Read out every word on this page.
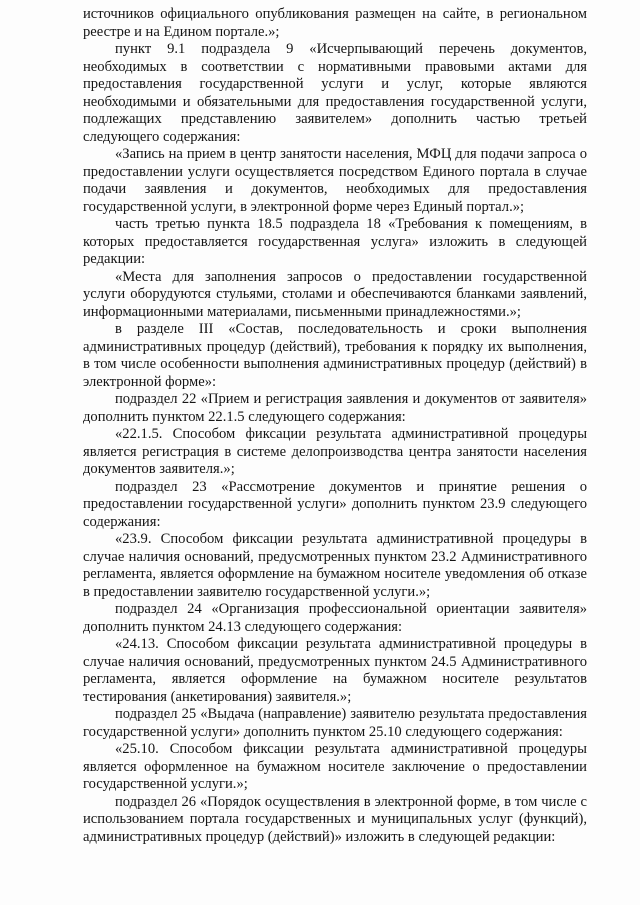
источников официального опубликования размещен на сайте, в региональном реестре и на Едином портале.»;

пункт 9.1 подраздела 9 «Исчерпывающий перечень документов, необходимых в соответствии с нормативными правовыми актами для предоставления государственной услуги и услуг, которые являются необходимыми и обязательными для предоставления государственной услуги, подлежащих представлению заявителем» дополнить частью третьей следующего содержания:

«Запись на прием в центр занятости населения, МФЦ для подачи запроса о предоставлении услуги осуществляется посредством Единого портала в случае подачи заявления и документов, необходимых для предоставления государственной услуги, в электронной форме через Единый портал.»;

часть третью пункта 18.5 подраздела 18 «Требования к помещениям, в которых предоставляется государственная услуга» изложить в следующей редакции:

«Места для заполнения запросов о предоставлении государственной услуги оборудуются стульями, столами и обеспечиваются бланками заявлений, информационными материалами, письменными принадлежностями.»;

в разделе III «Состав, последовательность и сроки выполнения административных процедур (действий), требования к порядку их выполнения, в том числе особенности выполнения административных процедур (действий) в электронной форме»:

подраздел 22 «Прием и регистрация заявления и документов от заявителя» дополнить пунктом 22.1.5 следующего содержания:

«22.1.5. Способом фиксации результата административной процедуры является регистрация в системе делопроизводства центра занятости населения документов заявителя.»;

подраздел 23 «Рассмотрение документов и принятие решения о предоставлении государственной услуги» дополнить пунктом 23.9 следующего содержания:

«23.9. Способом фиксации результата административной процедуры в случае наличия оснований, предусмотренных пунктом 23.2 Административного регламента, является оформление на бумажном носителе уведомления об отказе в предоставлении заявителю государственной услуги.»;

подраздел 24 «Организация профессиональной ориентации заявителя» дополнить пунктом 24.13 следующего содержания:

«24.13. Способом фиксации результата административной процедуры в случае наличия оснований, предусмотренных пунктом 24.5 Административного регламента, является оформление на бумажном носителе результатов тестирования (анкетирования) заявителя.»;

подраздел 25 «Выдача (направление) заявителю результата предоставления государственной услуги» дополнить пунктом 25.10 следующего содержания:

«25.10. Способом фиксации результата административной процедуры является оформленное на бумажном носителе заключение о предоставлении государственной услуги.»;

подраздел 26 «Порядок осуществления в электронной форме, в том числе с использованием портала государственных и муниципальных услуг (функций), административных процедур (действий)» изложить в следующей редакции:
